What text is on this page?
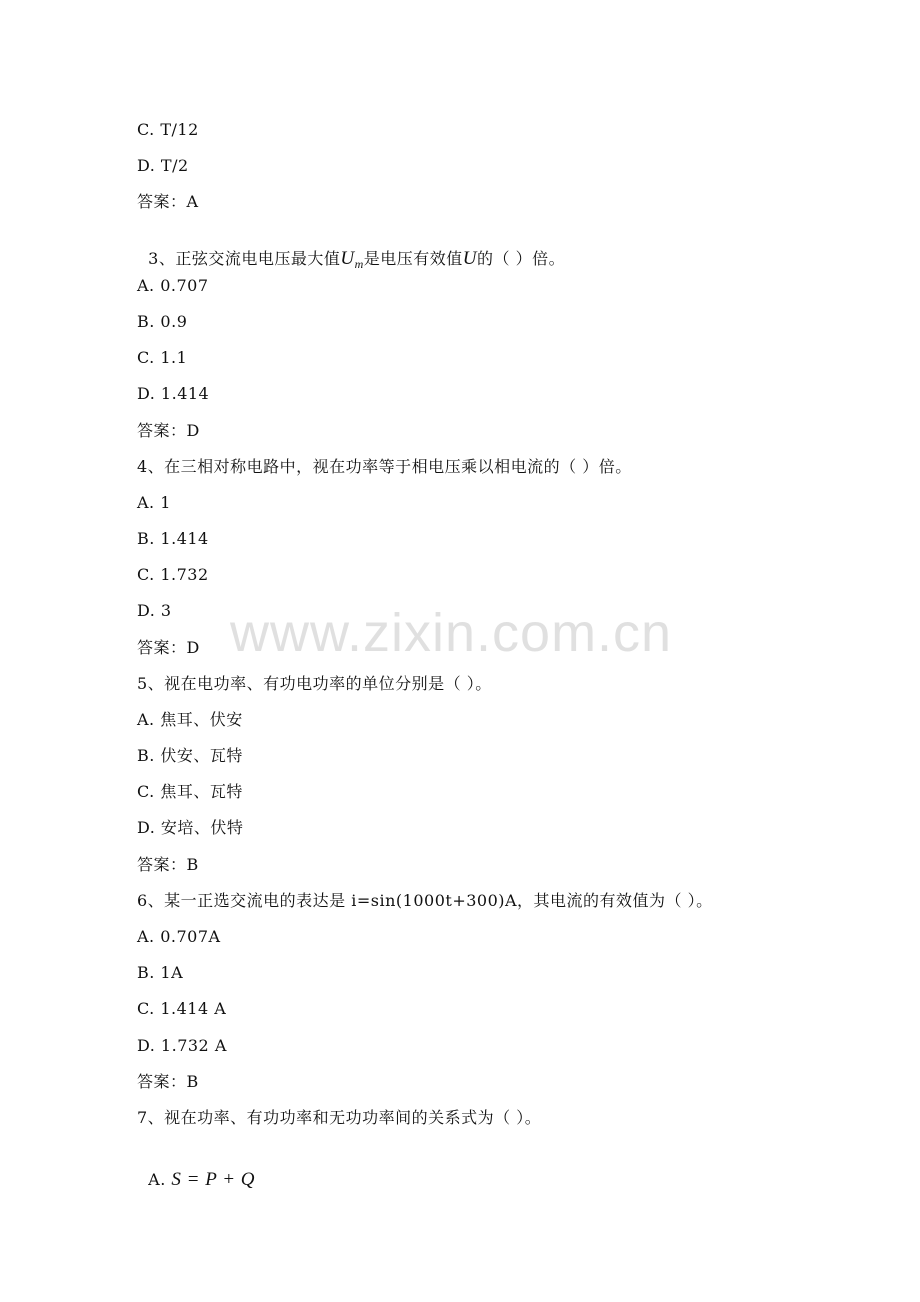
www.zixin.com.cn
C. T/12
D. T/2
答案：A

3、正弦交流电电压最大值$U_m$是电压有效值U的（ ）倍。

A. 0.707
B. 0.9
C. 1.1
D. 1.414
答案：D
4、在三相对称电路中，视在功率等于相电压乘以相电流的（ ）倍。
A. 1
B. 1.414
C. 1.732
D. 3
答案：D
5、视在电功率、有功电功率的单位分别是（ ）。
A. 焦耳、伏安
B. 伏安、瓦特
C. 焦耳、瓦特
D. 安培、伏特
答案：B
6、某一正选交流电的表达是 i=sin(1000t+300)A，其电流的有效值为（ ）。
A. 0.707A
B. 1A
C. 1.414 A
D. 1.732 A
答案：B
7、视在功率、有功功率和无功功率间的关系式为（ ）。

A. S = P + Q
